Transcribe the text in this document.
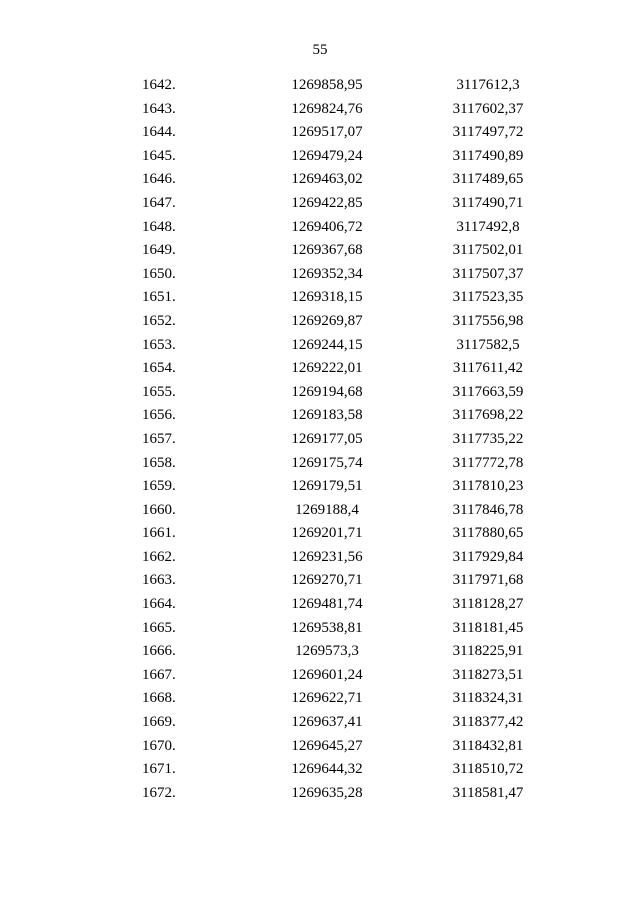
55
1642.	1269858,95	3117612,3
1643.	1269824,76	3117602,37
1644.	1269517,07	3117497,72
1645.	1269479,24	3117490,89
1646.	1269463,02	3117489,65
1647.	1269422,85	3117490,71
1648.	1269406,72	3117492,8
1649.	1269367,68	3117502,01
1650.	1269352,34	3117507,37
1651.	1269318,15	3117523,35
1652.	1269269,87	3117556,98
1653.	1269244,15	3117582,5
1654.	1269222,01	3117611,42
1655.	1269194,68	3117663,59
1656.	1269183,58	3117698,22
1657.	1269177,05	3117735,22
1658.	1269175,74	3117772,78
1659.	1269179,51	3117810,23
1660.	1269188,4	3117846,78
1661.	1269201,71	3117880,65
1662.	1269231,56	3117929,84
1663.	1269270,71	3117971,68
1664.	1269481,74	3118128,27
1665.	1269538,81	3118181,45
1666.	1269573,3	3118225,91
1667.	1269601,24	3118273,51
1668.	1269622,71	3118324,31
1669.	1269637,41	3118377,42
1670.	1269645,27	3118432,81
1671.	1269644,32	3118510,72
1672.	1269635,28	3118581,47
